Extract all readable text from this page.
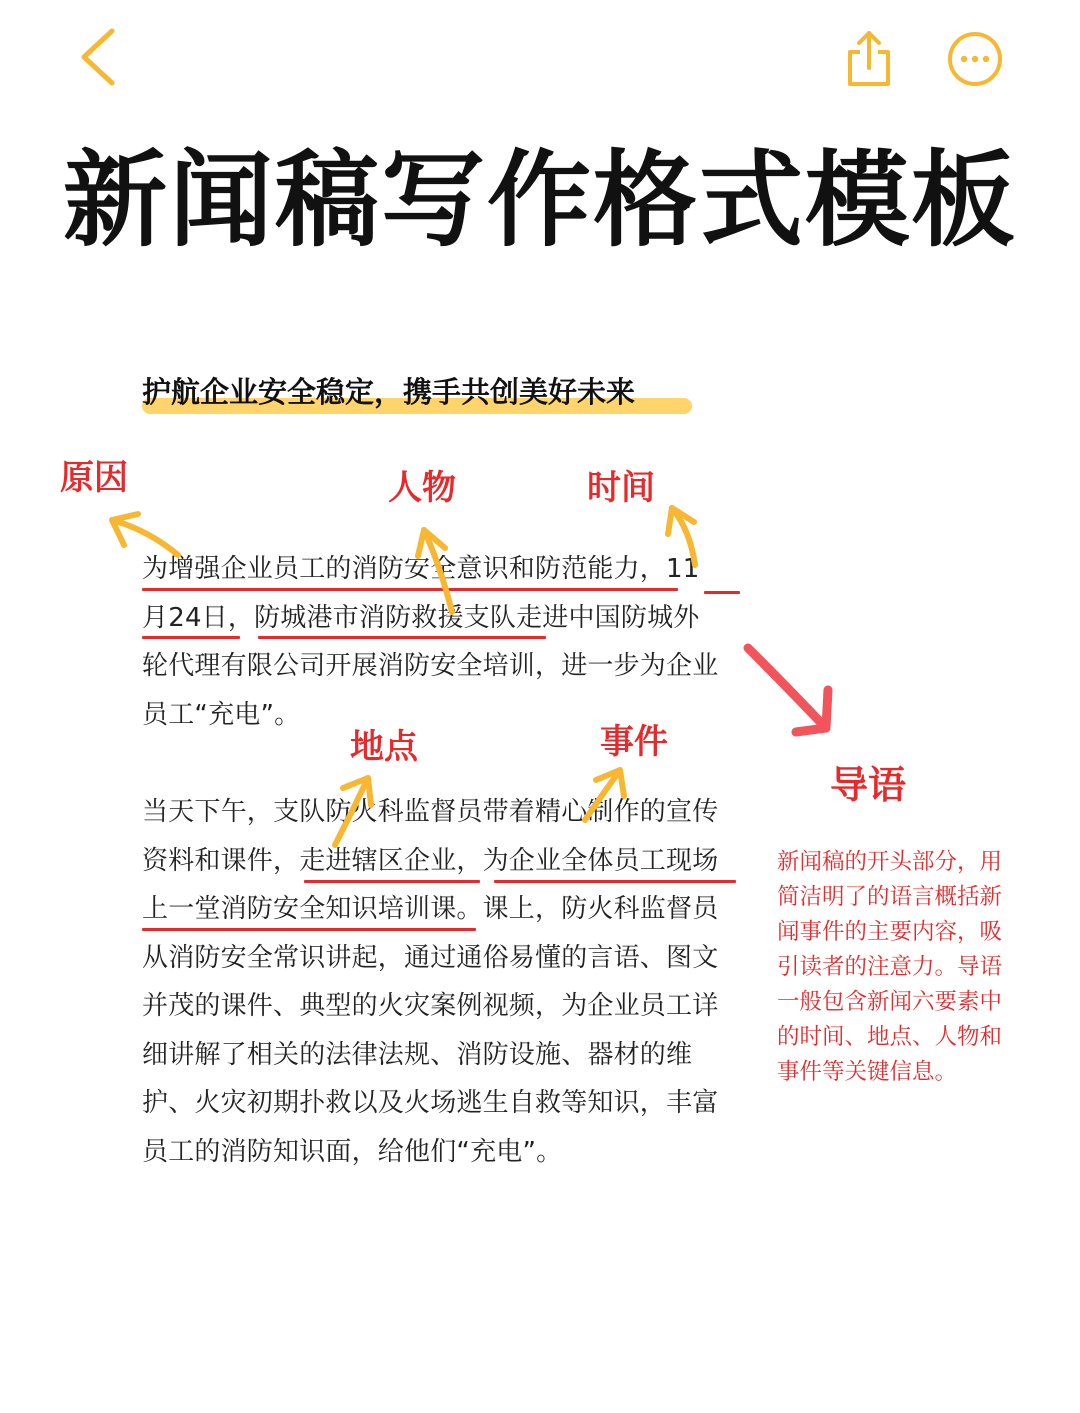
新闻稿写作格式模板
护航企业安全稳定，携手共创美好未来
原因	人物	时间
地点	事件
导语
为增强企业员工的消防安全意识和防范能力，11
月24日，防城港市消防救援支队走进中国防城外
轮代理有限公司开展消防安全培训，进一步为企业
员工“充电”。
当天下午，支队防火科监督员带着精心制作的宣传
资料和课件，走进辖区企业，为企业全体员工现场
上一堂消防安全知识培训课。课上，防火科监督员
从消防安全常识讲起，通过通俗易懂的言语、图文
并茂的课件、典型的火灾案例视频，为企业员工详
细讲解了相关的法律法规、消防设施、器材的维
护、火灾初期扑救以及火场逃生自救等知识，丰富
员工的消防知识面，给他们“充电”。
新闻稿的开头部分，用
简洁明了的语言概括新
闻事件的主要内容，吸
引读者的注意力。导语
一般包含新闻六要素中
的时间、地点、人物和
事件等关键信息。
